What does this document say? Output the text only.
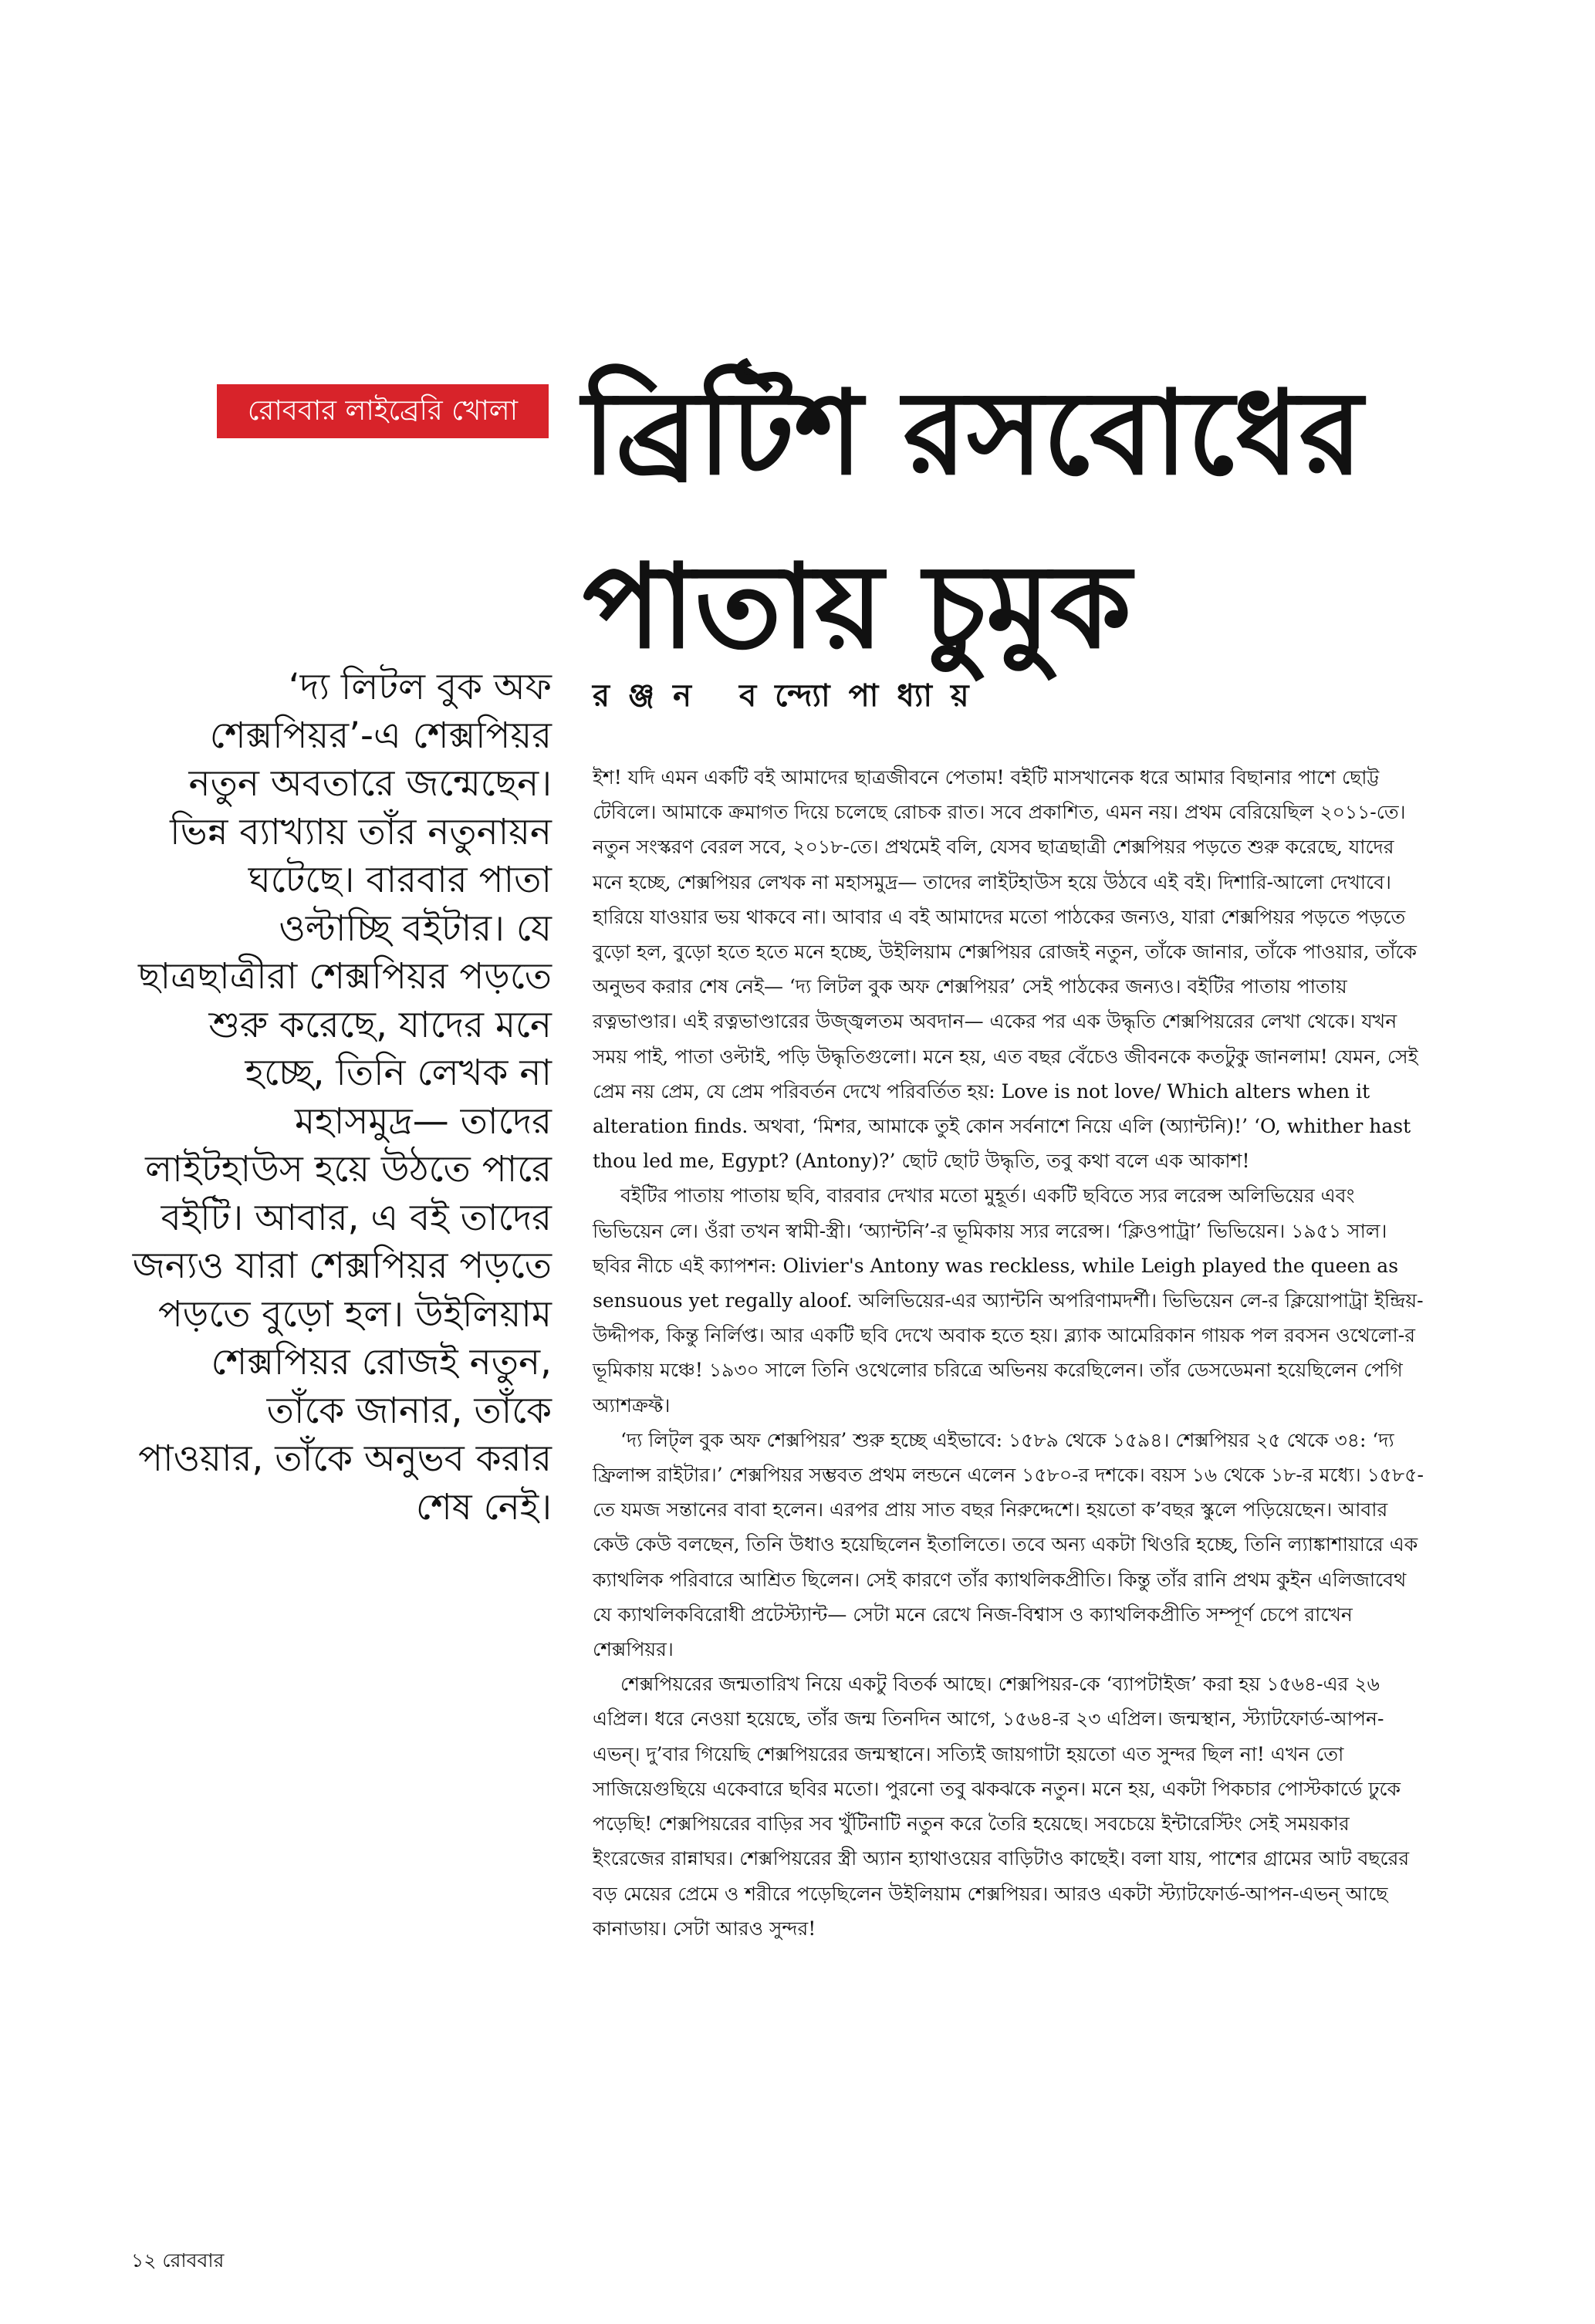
রোববার লাইব্রেরি খোলা ব্রিটিশ রসবোধের পাতায় চুমুক
‘দ্য লিটল বুক অফ শেক্সপিয়র’-এ শেক্সপিয়র নতুন অবতারে জন্মেছেন। ভিন্ন ব্যাখ্যায় তাঁর নতুনায়ন ঘটেছে। বারবার পাতা ওল্টাচ্ছি বইটার। যে ছাত্রছাত্রীরা শেক্সপিয়র পড়তে শুরু করেছে, যাদের মনে হচ্ছে, তিনি লেখক না মহাসমুদ্র— তাদের লাইটহাউস হয়ে উঠতে পারে বইটি। আবার, এ বই তাদের জন্যও যারা শেক্সপিয়র পড়তে পড়তে বুড়ো হল। উইলিয়াম শেক্সপিয়র রোজই নতুন, তাঁকে জানার, তাঁকে পাওয়ার, তাঁকে অনুভব করার শেষ নেই।
রঞ্জন বন্দ্যোপাধ্যায়

ইশ! যদি এমন একটি বই আমাদের ছাত্রজীবনে পেতাম! বইটি মাসখানেক ধরে আমার বিছানার পাশে ছোট্ট টেবিলে। আমাকে ক্রমাগত দিয়ে চলেছে রোচক রাত। সবে প্রকাশিত, এমন নয়। প্রথম বেরিয়েছিল ২০১১-তে। নতুন সংস্করণ বেরল সবে, ২০১৮-তে। প্রথমেই বলি, যেসব ছাত্রছাত্রী শেক্সপিয়র পড়তে শুরু করেছে, যাদের মনে হচ্ছে, শেক্সপিয়র লেখক না মহাসমুদ্র— তাদের লাইটহাউস হয়ে উঠবে এই বই। দিশারি-আলো দেখাবে। হারিয়ে যাওয়ার ভয় থাকবে না। আবার এ বই আমাদের মতো পাঠকের জন্যও, যারা শেক্সপিয়র পড়তে পড়তে বুড়ো হল, বুড়ো হতে হতে মনে হচ্ছে, উইলিয়াম শেক্সপিয়র রোজই নতুন, তাঁকে জানার, তাঁকে পাওয়ার, তাঁকে অনুভব করার শেষ নেই— ‘দ্য লিটল বুক অফ শেক্সপিয়র’ সেই পাঠকের জন্যও। বইটির পাতায় পাতায় রত্নভাণ্ডার। এই রত্নভাণ্ডারের উজ্জ্বলতম অবদান— একের পর এক উদ্ধৃতি শেক্সপিয়রের লেখা থেকে। যখন সময় পাই, পাতা ওল্টাই, পড়ি উদ্ধৃতিগুলো। মনে হয়, এত বছর বেঁচেও জীবনকে কতটুকু জানলাম! যেমন, সেই প্রেম নয় প্রেম, যে প্রেম পরিবর্তন দেখে পরিবর্তিত হয়: Love is not love/ Which alters when it alteration finds. অথবা, ‘মিশর, আমাকে তুই কোন সর্বনাশে নিয়ে এলি (অ্যান্টনি)!’ ‘O, whither hast thou led me, Egypt? (Antony)?’ ছোট ছোট উদ্ধৃতি, তবু কথা বলে এক আকাশ!

বইটির পাতায় পাতায় ছবি, বারবার দেখার মতো মুহূর্ত। একটি ছবিতে স্যর লরেন্স অলিভিয়ের এবং ভিভিয়েন লে। ওঁরা তখন স্বামী-স্ত্রী। ‘অ্যান্টনি’-র ভূমিকায় স্যর লরেন্স। ‘ক্লিওপাট্রা’ ভিভিয়েন। ১৯৫১ সাল। ছবির নীচে এই ক্যাপশন: Olivier's Antony was reckless, while Leigh played the queen as sensuous yet regally aloof. অলিভিয়ের-এর অ্যান্টনি অপরিণামদর্শী। ভিভিয়েন লে-র ক্লিয়োপাট্রা ইন্দ্রিয়-উদ্দীপক, কিন্তু নির্লিপ্ত। আর একটি ছবি দেখে অবাক হতে হয়। ব্ল্যাক আমেরিকান গায়ক পল রবসন ওথেলো-র ভূমিকায় মঞ্চে! ১৯৩০ সালে তিনি ওথেলোর চরিত্রে অভিনয় করেছিলেন। তাঁর ডেসডেমনা হয়েছিলেন পেগি অ্যাশক্রফ্ট।

‘দ্য লিট্‌ল বুক অফ শেক্সপিয়র’ শুরু হচ্ছে এইভাবে: ১৫৮৯ থেকে ১৫৯৪। শেক্সপিয়র ২৫ থেকে ৩৪: ‘দ্য ফ্রিলান্স রাইটার।’ শেক্সপিয়র সম্ভবত প্রথম লন্ডনে এলেন ১৫৮০-র দশকে। বয়স ১৬ থেকে ১৮-র মধ্যে। ১৫৮৫-তে যমজ সন্তানের বাবা হলেন। এরপর প্রায় সাত বছর নিরুদ্দেশে। হয়তো ক’বছর স্কুলে পড়িয়েছেন। আবার কেউ কেউ বলছেন, তিনি উধাও হয়েছিলেন ইতালিতে। তবে অন্য একটা থিওরি হচ্ছে, তিনি ল্যাঙ্কাশায়ারে এক ক্যাথলিক পরিবারে আশ্রিত ছিলেন। সেই কারণে তাঁর ক্যাথলিকপ্রীতি। কিন্তু তাঁর রানি প্রথম কুইন এলিজাবেথ যে ক্যাথলিকবিরোধী প্রটেস্ট্যান্ট— সেটা মনে রেখে নিজ-বিশ্বাস ও ক্যাথলিকপ্রীতি সম্পূর্ণ চেপে রাখেন শেক্সপিয়র।

শেক্সপিয়রের জন্মতারিখ নিয়ে একটু বিতর্ক আছে। শেক্সপিয়র-কে ‘ব্যাপটাইজ’ করা হয় ১৫৬৪-এর ২৬ এপ্রিল। ধরে নেওয়া হয়েছে, তাঁর জন্ম তিনদিন আগে, ১৫৬৪-র ২৩ এপ্রিল। জন্মস্থান, স্ট্যাটফোর্ড-আপন-এভন্‌। দু’বার গিয়েছি শেক্সপিয়রের জন্মস্থানে। সত্যিই জায়গাটা হয়তো এত সুন্দর ছিল না! এখন তো সাজিয়েগুছিয়ে একেবারে ছবির মতো। পুরনো তবু ঝকঝকে নতুন। মনে হয়, একটা পিকচার পোস্টকার্ডে ঢুকে পড়েছি! শেক্সপিয়রের বাড়ির সব খুঁটিনাটি নতুন করে তৈরি হয়েছে। সবচেয়ে ইন্টারেস্টিং সেই সময়কার ইংরেজের রান্নাঘর। শেক্সপিয়রের স্ত্রী অ্যান হ্যাথাওয়ের বাড়িটাও কাছেই। বলা যায়, পাশের গ্রামের আট বছরের বড় মেয়ের প্রেমে ও শরীরে পড়েছিলেন উইলিয়াম শেক্সপিয়র। আরও একটা স্ট্যাটফোর্ড-আপন-এভন্‌ আছে কানাডায়। সেটা আরও সুন্দর!

১২ রোববার
